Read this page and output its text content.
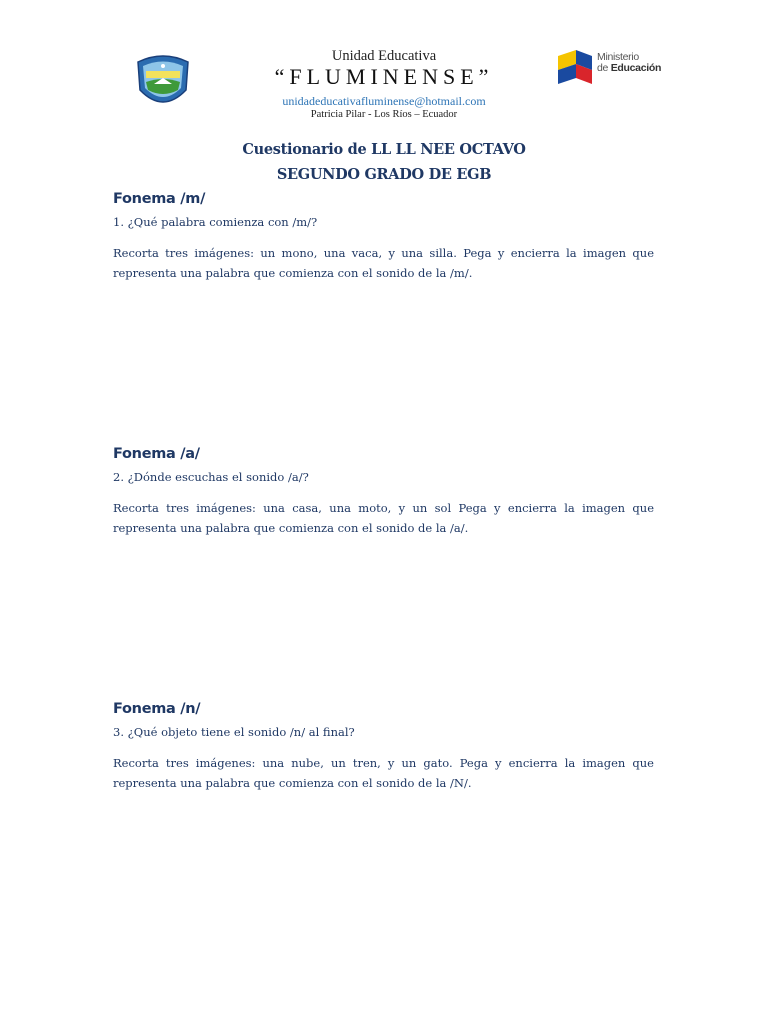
Unidad Educativa
“FLUMINENSE”
unidadeducativafluminense@hotmail.com
Patricia Pilar - Los Ríos – Ecuador
Ministerio
de Educación
Cuestionario de LL LL NEE OCTAVO
SEGUNDO GRADO DE EGB
Fonema /m/
1. ¿Qué palabra comienza con /m/?
Recorta tres imágenes: un mono, una vaca, y una silla. Pega y encierra la imagen que representa una palabra que comienza con el sonido de la /m/.
Fonema /a/
2. ¿Dónde escuchas el sonido /a/?
Recorta tres imágenes: una casa, una moto, y un sol Pega y encierra la imagen que representa una palabra que comienza con el sonido de la /a/.
Fonema /n/
3. ¿Qué objeto tiene el sonido /n/ al final?
Recorta tres imágenes: una nube, un tren, y un gato. Pega y encierra la imagen que representa una palabra que comienza con el sonido de la /N/.
